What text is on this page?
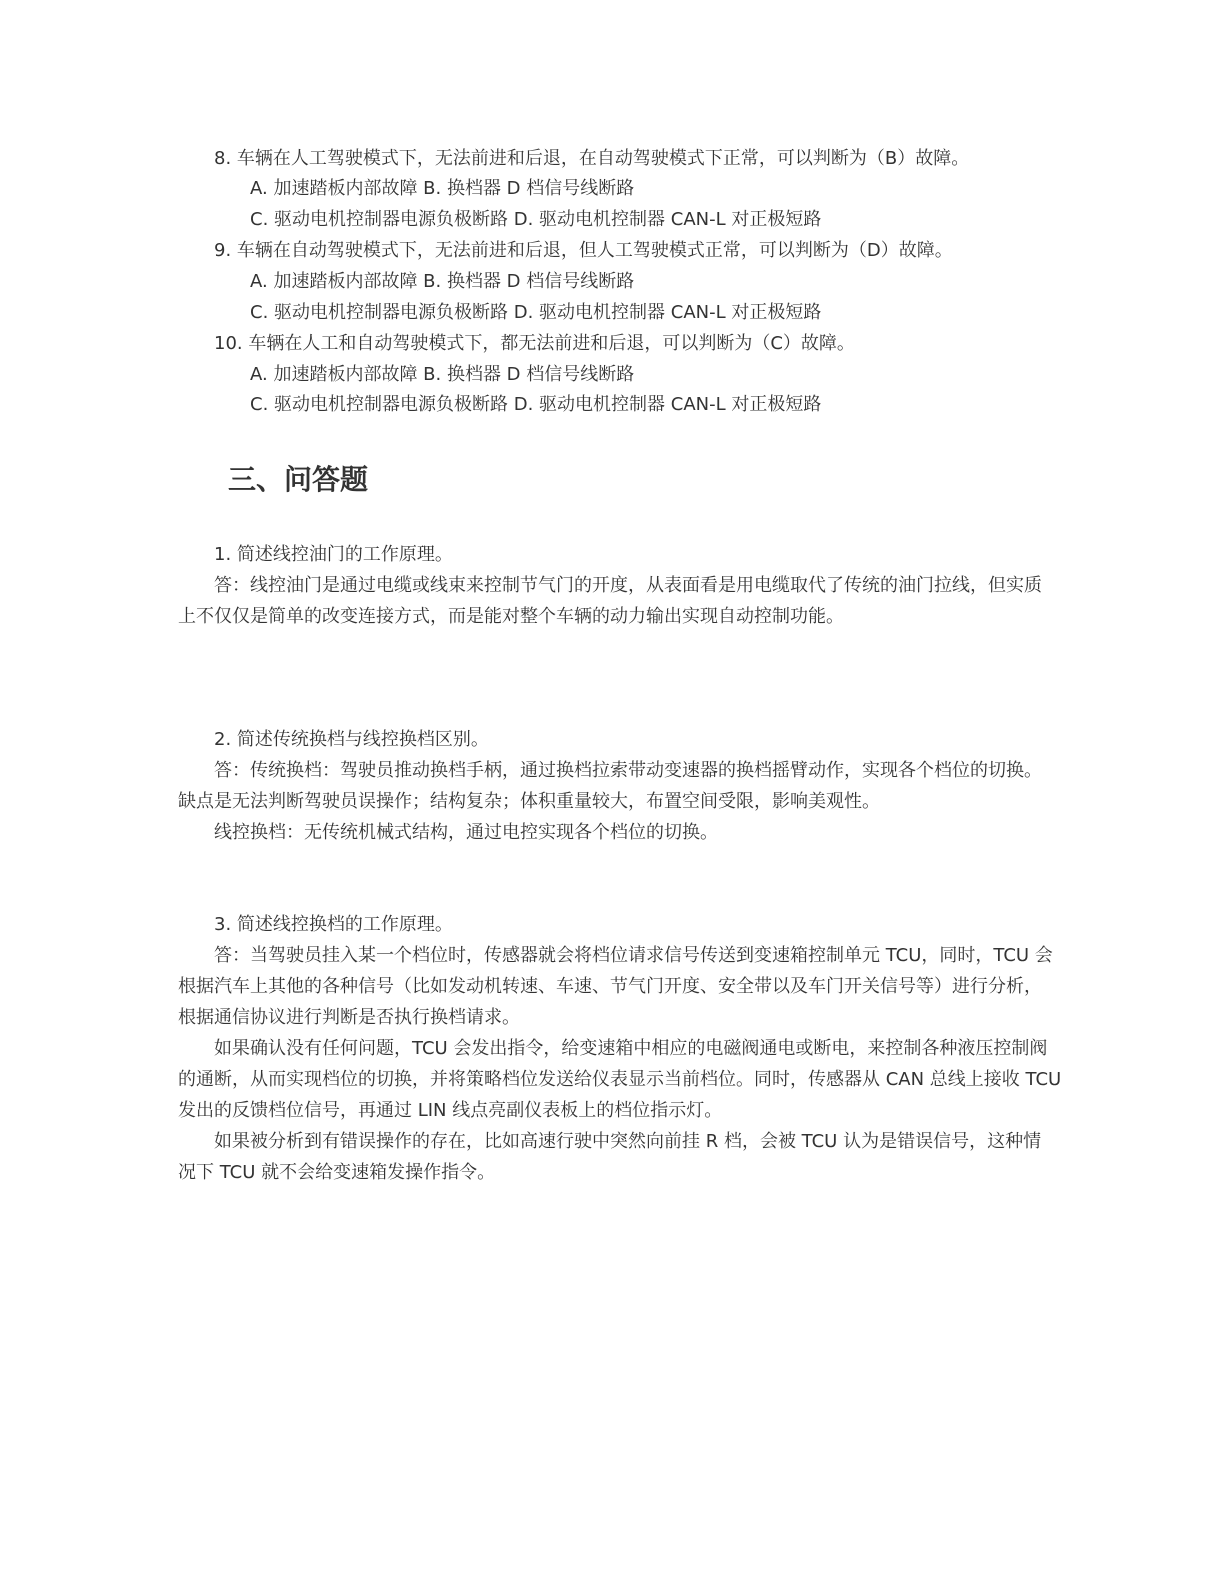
8. 车辆在人工驾驶模式下，无法前进和后退，在自动驾驶模式下正常，可以判断为（B）故障。
A. 加速踏板内部故障 B. 换档器 D 档信号线断路
C. 驱动电机控制器电源负极断路 D. 驱动电机控制器 CAN-L 对正极短路
9. 车辆在自动驾驶模式下，无法前进和后退，但人工驾驶模式正常，可以判断为（D）故障。
A. 加速踏板内部故障 B. 换档器 D 档信号线断路
C. 驱动电机控制器电源负极断路 D. 驱动电机控制器 CAN-L 对正极短路
10. 车辆在人工和自动驾驶模式下，都无法前进和后退，可以判断为（C）故障。
A. 加速踏板内部故障 B. 换档器 D 档信号线断路
C. 驱动电机控制器电源负极断路 D. 驱动电机控制器 CAN-L 对正极短路
三、问答题
1. 简述线控油门的工作原理。
答：线控油门是通过电缆或线束来控制节气门的开度，从表面看是用电缆取代了传统的油门拉线，但实质
上不仅仅是简单的改变连接方式，而是能对整个车辆的动力输出实现自动控制功能。
2. 简述传统换档与线控换档区别。
答：传统换档：驾驶员推动换档手柄，通过换档拉索带动变速器的换档摇臂动作，实现各个档位的切换。
缺点是无法判断驾驶员误操作；结构复杂；体积重量较大，布置空间受限，影响美观性。
线控换档：无传统机械式结构，通过电控实现各个档位的切换。
3. 简述线控换档的工作原理。
答：当驾驶员挂入某一个档位时，传感器就会将档位请求信号传送到变速箱控制单元 TCU，同时，TCU 会
根据汽车上其他的各种信号（比如发动机转速、车速、节气门开度、安全带以及车门开关信号等）进行分析，
根据通信协议进行判断是否执行换档请求。
如果确认没有任何问题，TCU 会发出指令，给变速箱中相应的电磁阀通电或断电，来控制各种液压控制阀
的通断，从而实现档位的切换，并将策略档位发送给仪表显示当前档位。同时，传感器从 CAN 总线上接收 TCU
发出的反馈档位信号，再通过 LIN 线点亮副仪表板上的档位指示灯。
如果被分析到有错误操作的存在，比如高速行驶中突然向前挂 R 档，会被 TCU 认为是错误信号，这种情
况下 TCU 就不会给变速箱发操作指令。
